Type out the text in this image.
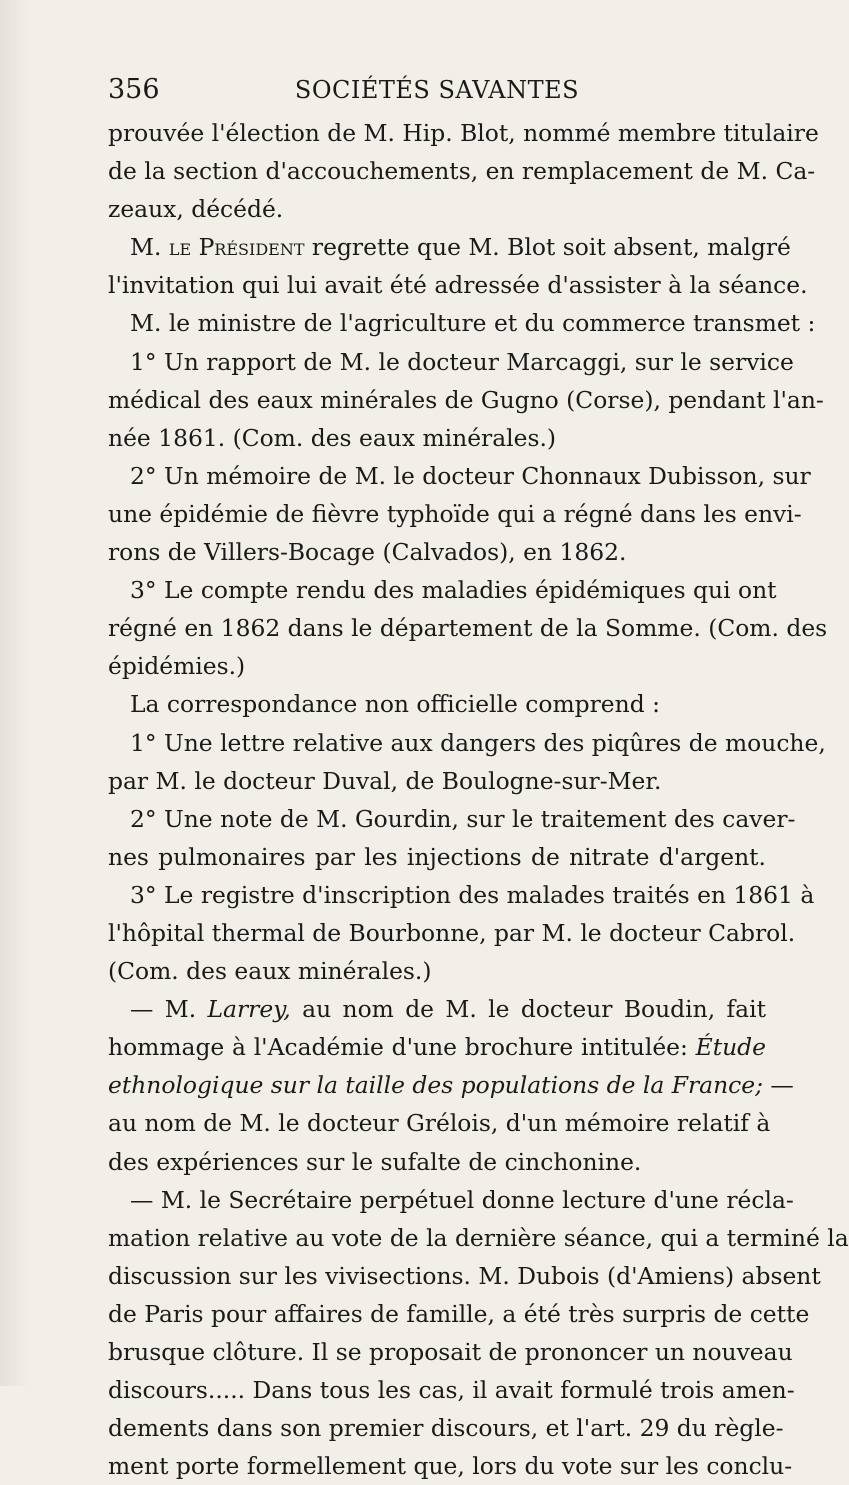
356	SOCIÉTÉS SAVANTES
prouvée l'élection de M. Hip. Blot, nommé membre titulaire
de la section d'accouchements, en remplacement de M. Ca-
zeaux, décédé.
M. le Président regrette que M. Blot soit absent, malgré
l'invitation qui lui avait été adressée d'assister à la séance.
M. le ministre de l'agriculture et du commerce transmet :
1° Un rapport de M. le docteur Marcaggi, sur le service
médical des eaux minérales de Gugno (Corse), pendant l'an-
née 1861. (Com. des eaux minérales.)
2° Un mémoire de M. le docteur Chonnaux Dubisson, sur
une épidémie de fièvre typhoïde qui a régné dans les envi-
rons de Villers-Bocage (Calvados), en 1862.
3° Le compte rendu des maladies épidémiques qui ont
régné en 1862 dans le département de la Somme. (Com. des
épidémies.)
La correspondance non officielle comprend :
1° Une lettre relative aux dangers des piqûres de mouche,
par M. le docteur Duval, de Boulogne-sur-Mer.
2° Une note de M. Gourdin, sur le traitement des caver-
nes pulmonaires par les injections de nitrate d'argent.
3° Le registre d'inscription des malades traités en 1861 à
l'hôpital thermal de Bourbonne, par M. le docteur Cabrol.
(Com. des eaux minérales.)
— M. Larrey, au nom de M. le docteur Boudin, fait
hommage à l'Académie d'une brochure intitulée: Étude
ethnologique sur la taille des populations de la France; —
au nom de M. le docteur Grélois, d'un mémoire relatif à
des expériences sur le sufalte de cinchonine.
— M. le Secrétaire perpétuel donne lecture d'une récla-
mation relative au vote de la dernière séance, qui a terminé la
discussion sur les vivisections. M. Dubois (d'Amiens) absent
de Paris pour affaires de famille, a été très surpris de cette
brusque clôture. Il se proposait de prononcer un nouveau
discours..... Dans tous les cas, il avait formulé trois amen-
dements dans son premier discours, et l'art. 29 du règle-
ment porte formellement que, lors du vote sur les conclu-
